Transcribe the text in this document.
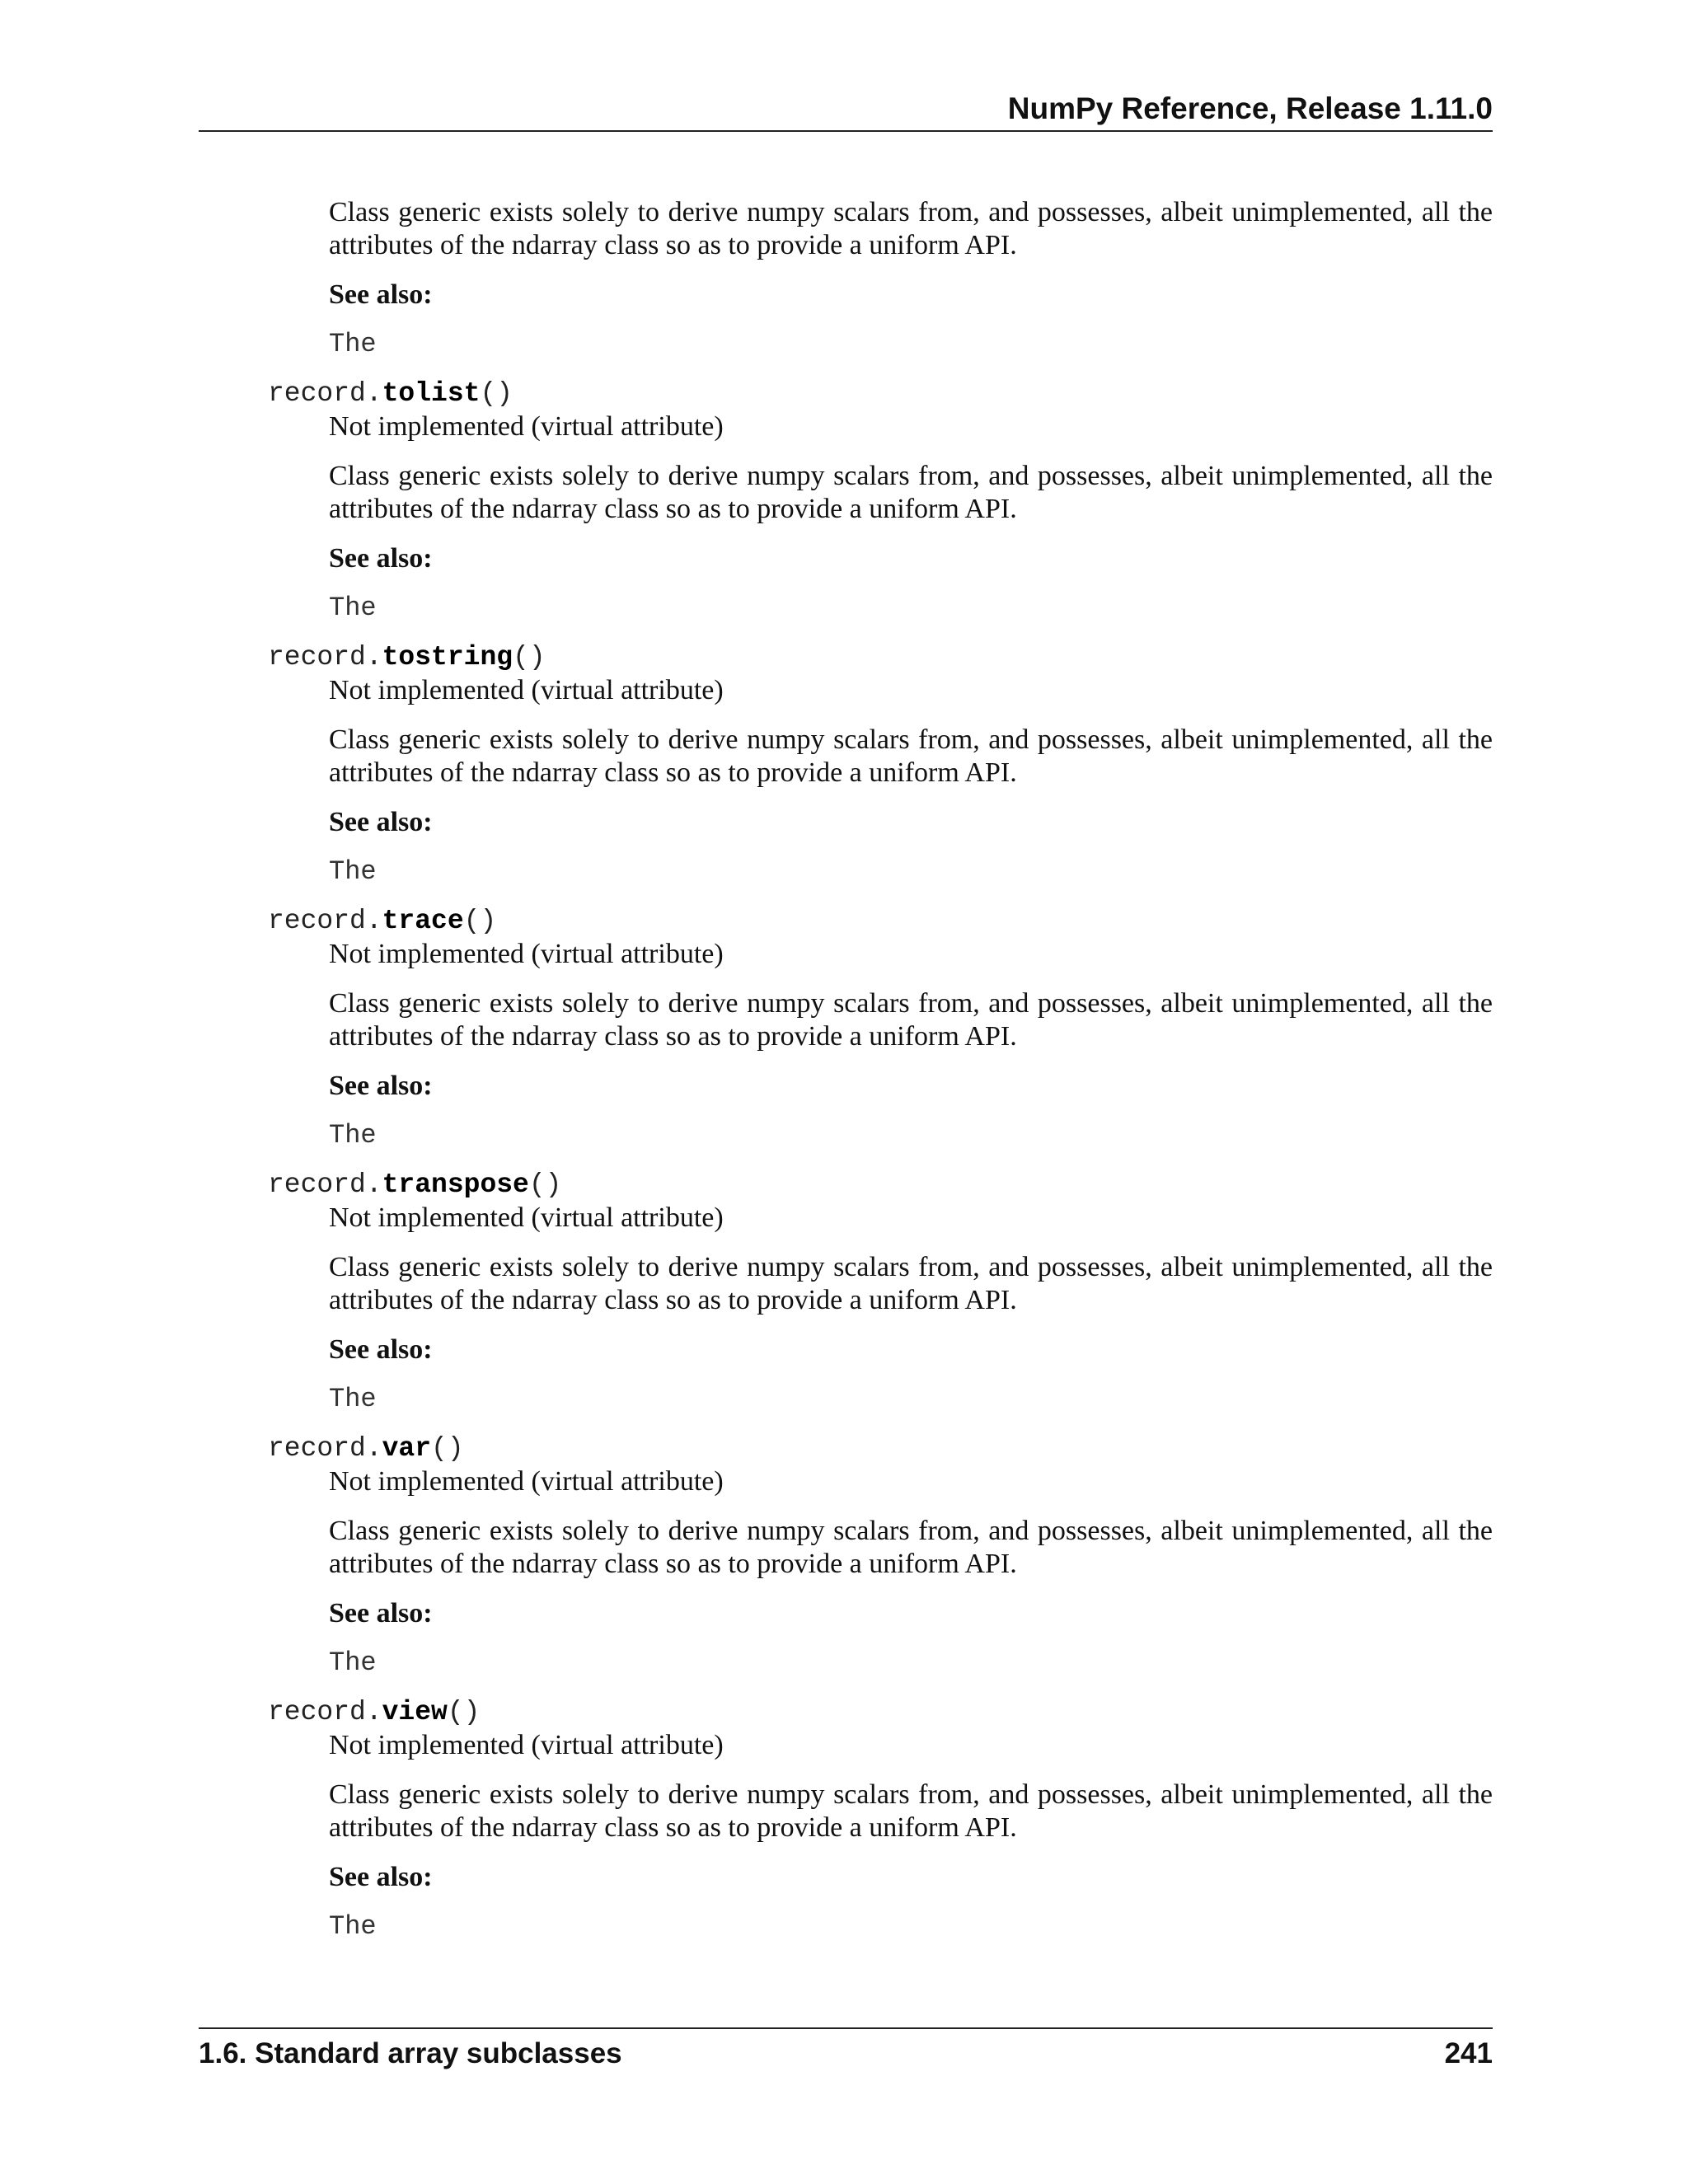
NumPy Reference, Release 1.11.0

Class generic exists solely to derive numpy scalars from, and possesses, albeit unimplemented, all the attributes of the ndarray class so as to provide a uniform API.

See also:
The
record.tolist()
Not implemented (virtual attribute)

Class generic exists solely to derive numpy scalars from, and possesses, albeit unimplemented, all the attributes of the ndarray class so as to provide a uniform API.

See also:
The
record.tostring()
Not implemented (virtual attribute)

Class generic exists solely to derive numpy scalars from, and possesses, albeit unimplemented, all the attributes of the ndarray class so as to provide a uniform API.

See also:
The
record.trace()
Not implemented (virtual attribute)

Class generic exists solely to derive numpy scalars from, and possesses, albeit unimplemented, all the attributes of the ndarray class so as to provide a uniform API.

See also:
The
record.transpose()
Not implemented (virtual attribute)

Class generic exists solely to derive numpy scalars from, and possesses, albeit unimplemented, all the attributes of the ndarray class so as to provide a uniform API.

See also:
The
record.var()
Not implemented (virtual attribute)

Class generic exists solely to derive numpy scalars from, and possesses, albeit unimplemented, all the attributes of the ndarray class so as to provide a uniform API.

See also:
The
record.view()
Not implemented (virtual attribute)

Class generic exists solely to derive numpy scalars from, and possesses, albeit unimplemented, all the attributes of the ndarray class so as to provide a uniform API.

See also:
The
1.6. Standard array subclasses	241
